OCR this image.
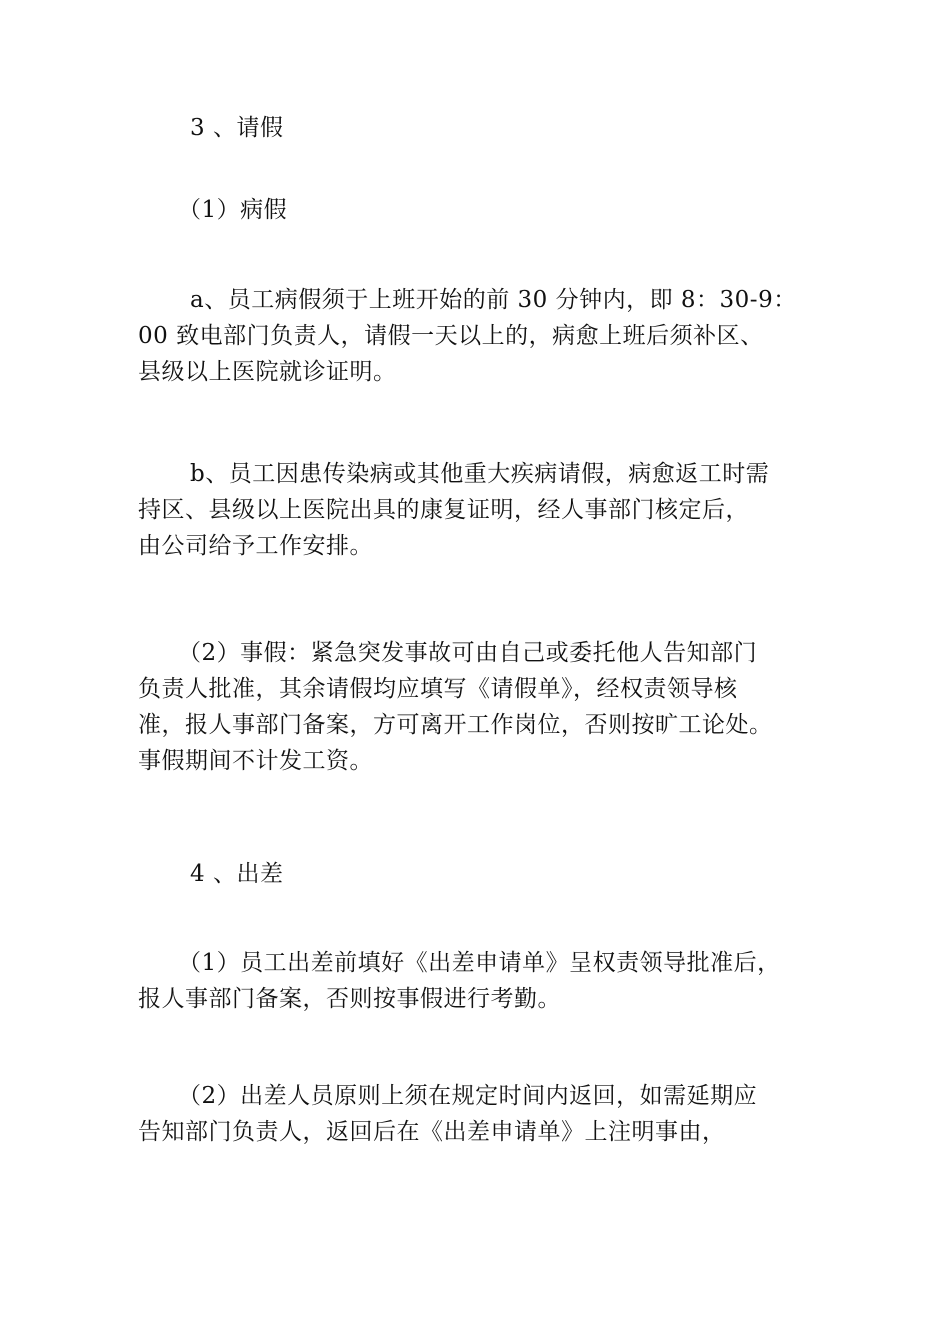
3 、请假
（1）病假
a、员工病假须于上班开始的前 30 分钟内，即 8：30-9：
00 致电部门负责人，请假一天以上的，病愈上班后须补区、
县级以上医院就诊证明。
b、员工因患传染病或其他重大疾病请假，病愈返工时需
持区、县级以上医院出具的康复证明，经人事部门核定后，
由公司给予工作安排。
（2）事假：紧急突发事故可由自己或委托他人告知部门
负责人批准，其余请假均应填写《请假单》，经权责领导核
准，报人事部门备案，方可离开工作岗位，否则按旷工论处。
事假期间不计发工资。
4 、出差
（1）员工出差前填好《出差申请单》呈权责领导批准后，
报人事部门备案，否则按事假进行考勤。
（2）出差人员原则上须在规定时间内返回，如需延期应
告知部门负责人，返回后在《出差申请单》上注明事由，
